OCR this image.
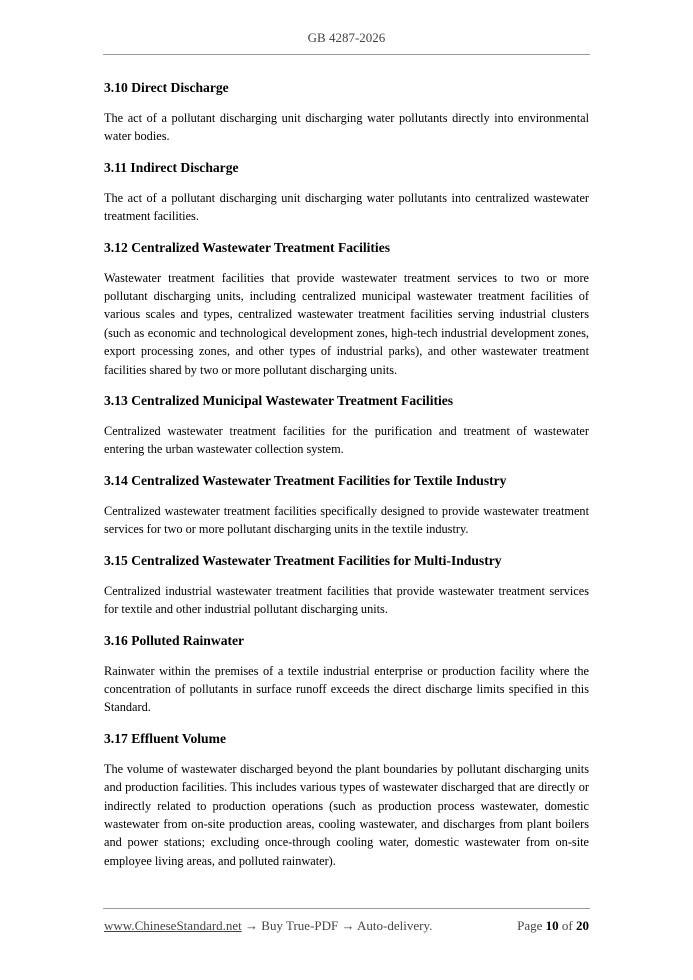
GB 4287-2026
3.10 Direct Discharge
The act of a pollutant discharging unit discharging water pollutants directly into environmental water bodies.
3.11 Indirect Discharge
The act of a pollutant discharging unit discharging water pollutants into centralized wastewater treatment facilities.
3.12 Centralized Wastewater Treatment Facilities
Wastewater treatment facilities that provide wastewater treatment services to two or more pollutant discharging units, including centralized municipal wastewater treatment facilities of various scales and types, centralized wastewater treatment facilities serving industrial clusters (such as economic and technological development zones, high-tech industrial development zones, export processing zones, and other types of industrial parks), and other wastewater treatment facilities shared by two or more pollutant discharging units.
3.13 Centralized Municipal Wastewater Treatment Facilities
Centralized wastewater treatment facilities for the purification and treatment of wastewater entering the urban wastewater collection system.
3.14 Centralized Wastewater Treatment Facilities for Textile Industry
Centralized wastewater treatment facilities specifically designed to provide wastewater treatment services for two or more pollutant discharging units in the textile industry.
3.15 Centralized Wastewater Treatment Facilities for Multi-Industry
Centralized industrial wastewater treatment facilities that provide wastewater treatment services for textile and other industrial pollutant discharging units.
3.16 Polluted Rainwater
Rainwater within the premises of a textile industrial enterprise or production facility where the concentration of pollutants in surface runoff exceeds the direct discharge limits specified in this Standard.
3.17 Effluent Volume
The volume of wastewater discharged beyond the plant boundaries by pollutant discharging units and production facilities. This includes various types of wastewater discharged that are directly or indirectly related to production operations (such as production process wastewater, domestic wastewater from on-site production areas, cooling wastewater, and discharges from plant boilers and power stations; excluding once-through cooling water, domestic wastewater from on-site employee living areas, and polluted rainwater).
www.ChineseStandard.net → Buy True-PDF → Auto-delivery.	Page 10 of 20
